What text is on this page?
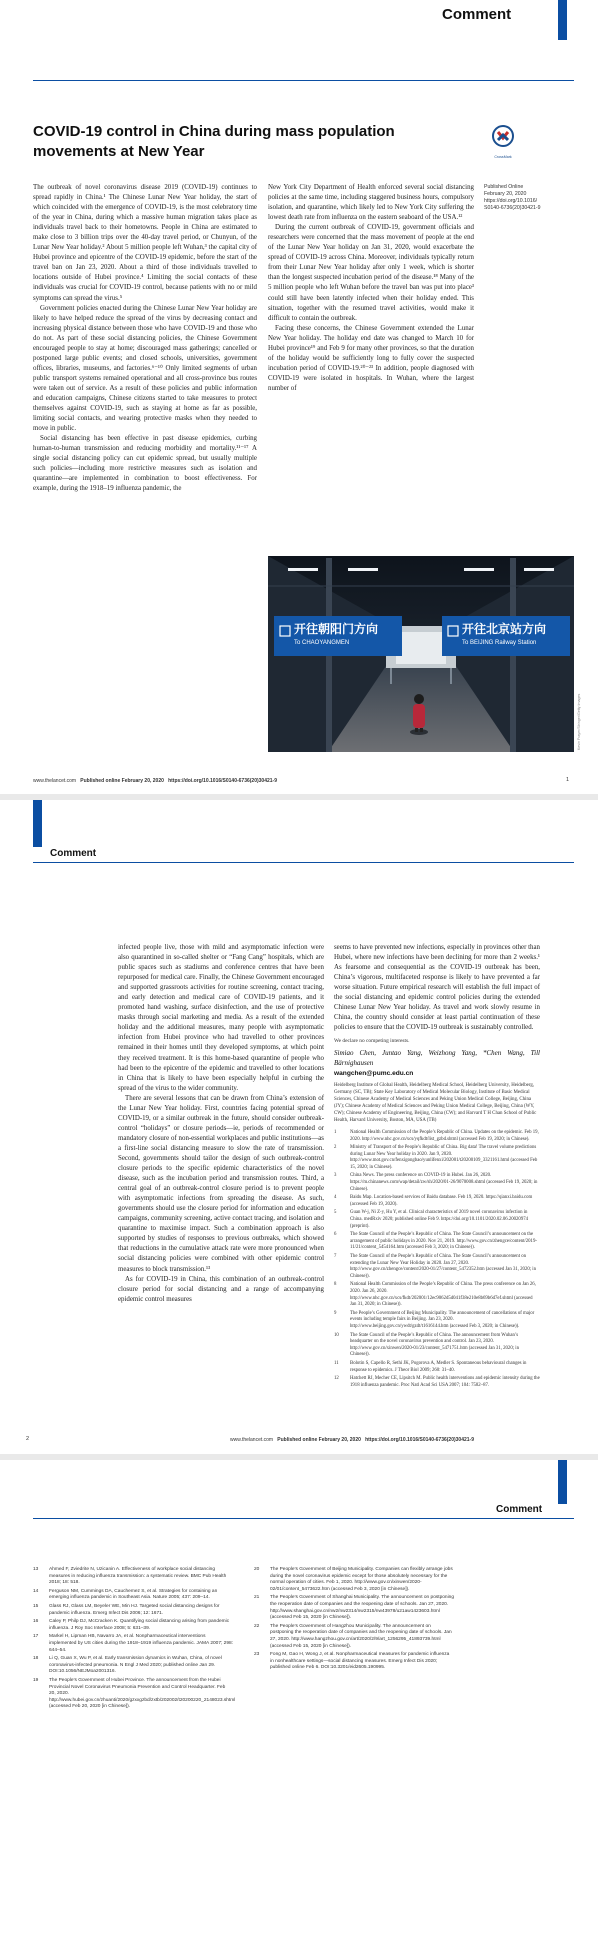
Comment
COVID-19 control in China during mass population movements at New Year	CrossMark

The outbreak of novel coronavirus disease 2019 (COVID-19) continues to spread rapidly in China.¹ The Chinese Lunar New Year holiday, the start of which coincided with the emergence of COVID-19, is the most celebratory time of the year in China, during which a massive human migration takes place as individuals travel back to their hometowns. People in China are estimated to make close to 3 billion trips over the 40-day travel period, or Chunyun, of the Lunar New Year holiday.² About 5 million people left Wuhan,³ the capital city of Hubei province and epicentre of the COVID-19 epidemic, before the start of the travel ban on Jan 23, 2020. About a third of those individuals travelled to locations outside of Hubei province.⁴ Limiting the social contacts of these individuals was crucial for COVID-19 control, because patients with no or mild symptoms can spread the virus.⁵

Government policies enacted during the Chinese Lunar New Year holiday are likely to have helped reduce the spread of the virus by decreasing contact and increasing physical distance between those who have COVID-19 and those who do not. As part of these social distancing policies, the Chinese Government encouraged people to stay at home; discouraged mass gatherings; cancelled or postponed large public events; and closed schools, universities, government offices, libraries, museums, and factories.⁶⁻¹⁰ Only limited segments of urban public transport systems remained operational and all cross-province bus routes were taken out of service. As a result of these policies and public information and education campaigns, Chinese citizens started to take measures to protect themselves against COVID-19, such as staying at home as far as possible, limiting social contacts, and wearing protective masks when they needed to move in public.

Social distancing has been effective in past disease epidemics, curbing human-to-human transmission and reducing morbidity and mortality.¹¹⁻¹⁷ A single social distancing policy can cut epidemic spread, but usually multiple such policies—including more restrictive measures such as isolation and quarantine—are implemented in combination to boost effectiveness. For example, during the 1918–19 influenza pandemic, the

New York City Department of Health enforced several social distancing policies at the same time, including staggered business hours, compulsory isolation, and quarantine, which likely led to New York City suffering the lowest death rate from influenza on the eastern seaboard of the USA.¹²

During the current outbreak of COVID-19, government officials and researchers were concerned that the mass movement of people at the end of the Lunar New Year holiday on Jan 31, 2020, would exacerbate the spread of COVID-19 across China. Moreover, individuals typically return from their Lunar New Year holiday after only 1 week, which is shorter than the longest suspected incubation period of the disease.¹⁸ Many of the 5 million people who left Wuhan before the travel ban was put into place³ could still have been latently infected when their holiday ended. This situation, together with the resumed travel activities, would make it difficult to contain the outbreak.

Facing these concerns, the Chinese Government extended the Lunar New Year holiday. The holiday end date was changed to March 10 for Hubei province¹⁹ and Feb 9 for many other provinces, so that the duration of the holiday would be sufficiently long to fully cover the suspected incubation period of COVID-19.²⁰⁻²³ In addition, people diagnosed with COVID-19 were isolated in hospitals. In Wuhan, where the largest number of

Published Online
February 20, 2020
https://doi.org/10.1016/
S0140-6736(20)30421-9
开往朝阳门方向
To CHAOYANGMEN
开往北京站方向
To BEIJING Railway Station
Kevin Frayer/Stringer/Getty Images
www.thelancet.com Published online February 20, 2020 https://doi.org/10.1016/S0140-6736(20)30421-9	1
Comment

infected people live, those with mild and asymptomatic infection were also quarantined in so-called shelter or “Fang Cang” hospitals, which are public spaces such as stadiums and conference centres that have been repurposed for medical care. Finally, the Chinese Government encouraged and supported grassroots activities for routine screening, contact tracing, and early detection and medical care of COVID-19 patients, and it promoted hand washing, surface disinfection, and the use of protective masks through social marketing and media. As a result of the extended holiday and the additional measures, many people with asymptomatic infection from Hubei province who had travelled to other provinces remained in their homes until they developed symptoms, at which point they received treatment. It is this home-based quarantine of people who had been to the epicentre of the epidemic and travelled to other locations in China that is likely to have been especially helpful in curbing the spread of the virus to the wider community.

There are several lessons that can be drawn from China’s extension of the Lunar New Year holiday. First, countries facing potential spread of COVID-19, or a similar outbreak in the future, should consider outbreak-control “holidays” or closure periods—ie, periods of recommended or mandatory closure of non-essential workplaces and public institutions—as a first-line social distancing measure to slow the rate of transmission. Second, governments should tailor the design of such outbreak-control closure periods to the specific epidemic characteristics of the novel disease, such as the incubation period and transmission routes. Third, a central goal of an outbreak-control closure period is to prevent people with asymptomatic infections from spreading the disease. As such, governments should use the closure period for information and education campaigns, community screening, active contact tracing, and isolation and quarantine to maximise impact. Such a combination approach is also supported by studies of responses to previous outbreaks, which showed that reductions in the cumulative attack rate were more pronounced when social distancing policies were combined with other epidemic control measures to block transmission.¹³

As for COVID-19 in China, this combination of an outbreak-control closure period for social distancing and a range of accompanying epidemic control measures

seems to have prevented new infections, especially in provinces other than Hubei, where new infections have been declining for more than 2 weeks.¹ As fearsome and consequential as the COVID-19 outbreak has been, China’s vigorous, multifaceted response is likely to have prevented a far worse situation. Future empirical research will establish the full impact of the social distancing and epidemic control policies during the extended Chinese Lunar New Year holiday. As travel and work slowly resume in China, the country should consider at least partial continuation of these policies to ensure that the COVID-19 outbreak is sustainably controlled.

We declare no competing interests.
Simiao Chen, Juntao Yang, Weizhong Yang, *Chen Wang, Till Bärnighausen
wangchen@pumc.edu.cn
Heidelberg Institute of Global Health, Heidelberg Medical School, Heidelberg University, Heidelberg, Germany (SC, TB); State Key Laboratory of Medical Molecular Biology, Institute of Basic Medical Sciences, Chinese Academy of Medical Sciences and Peking Union Medical College, Beijing, China (JY); Chinese Academy of Medical Sciences and Peking Union Medical College, Beijing, China (WY, CW); Chinese Academy of Engineering, Beijing, China (CW); and Harvard T H Chan School of Public Health, Harvard University, Boston, MA, USA (TB)
1	National Health Commission of the People’s Republic of China. Updates on the epidemic. Feb 19, 2020. http://www.nhc.gov.cn/xcs/yqfkdt/list_gzbd.shtml (accessed Feb 19, 2020; in Chinese).
2	Ministry of Transport of the People’s Republic of China. Big data! The travel volume predictions during Lunar New Year holiday in 2020. Jan 9, 2020. http://www.mot.gov.cn/fenxigongbao/yunlifenxi/202001/t20200109_3321161.html (accessed Feb 15, 2020; in Chinese).
3	China News. The press conference on COVID-19 in Hubei. Jan 26, 2020. https://m.chinanews.com/wap/detail/zw/sh/2020/01-26/9070008.shtml (accessed Feb 19, 2020; in Chinese).
4	Baidu Map. Location-based services of Baidu database. Feb 19, 2020. https://qianxi.baidu.com (accessed Feb 19, 2020).
5	Guan W-j, Ni Z-y, Hu Y, et al. Clinical characteristics of 2019 novel coronavirus infection in China. medRxiv 2020; published online Feb 9. https://doi.org/10.1101/2020.02.06.20020974 (preprint).
6	The State Council of the People’s Republic of China. The State Council’s announcement on the arrangement of public holidays in 2020. Nov 21, 2019. http://www.gov.cn/zhengce/content/2019-11/21/content_5454164.htm (accessed Feb 3, 2020; in Chinese)).
7	The State Council of the People’s Republic of China. The State Council’s announcement on extending the Lunar New Year Holiday in 2020. Jan 27, 2020. http://www.gov.cn/zhengce/content/2020-01/27/content_5472352.htm (accessed Jan 31, 2020; in Chinese)).
8	National Health Commission of the People’s Republic of China. The press conference on Jan 26, 2020. Jan 26, 2020. http://www.nhc.gov.cn/xcs/fkdt/202001/12ec9062d5d041f38e210e8b69b6d7ef.shtml (accessed Jan 31, 2020; in Chinese)).
9	The People’s Government of Beijing Municipality. The announcement of cancellations of major events including temple fairs in Beijing. Jan 23, 2020. http://www.beijing.gov.cn/ywdt/gzdt/t1616144.htm (accessed Feb 3, 2020; in Chinese)).
10 The State Council of the People’s Republic of China. The announcement from Wuhan’s headquarter on the novel coronavirus prevention and control. Jan 23, 2020. http://www.gov.cn/xinwen/2020-01/23/content_5471751.htm (accessed Jan 31, 2020; in Chinese)).
11 Bolotin S, Capello R, Sethi JK, Pogorova A, Medler S. Spontaneous behavioural changes in response to epidemics. J Theor Biol 2009; 260: 31–40.
12 Hatchett RJ, Mecher CE, Lipsitch M. Public health interventions and epidemic intensity during the 1918 influenza pandemic. Proc Natl Acad Sci USA 2007; 104: 7582–87.
2	www.thelancet.com Published online February 20, 2020 https://doi.org/10.1016/S0140-6736(20)30421-9
Comment
13 Ahmed F, Zviedrite N, Uzicanin A. Effectiveness of workplace social distancing measures in reducing influenza transmission: a systematic review. BMC Pub Health 2018; 18: 518.
14 Ferguson NM, Cummings DA, Cauchemez S, et al. Strategies for containing an emerging influenza pandemic in Southeast Asia. Nature 2005; 437: 209–14.
15 Glass RJ, Glass LM, Beyeler WE, Min HJ. Targeted social distancing designs for pandemic influenza. Emerg Infect Dis 2006; 12: 1671.
16 Caley P, Philp DJ, McCracken K. Quantifying social distancing arising from pandemic influenza. J Roy Soc Interface 2008; 5: 631–39.
17 Markel H, Lipman HB, Navarro JA, et al. Nonpharmaceutical interventions implemented by US cities during the 1918–1919 influenza pandemic. JAMA 2007; 298: 644–54.
18 Li Q, Guan X, Wu P, et al. Early transmission dynamics in Wuhan, China, of novel coronavirus-infected pneumonia. N Engl J Med 2020; published online Jan 29. DOI:10.1056/NEJMoa2001316.
19 The People’s Government of Hubei Province. The announcement from the Hubei Provincial Novel Coronavirus Pneumonia Prevention and Control Headquarter. Feb 20, 2020. http://www.hubei.gov.cn/zhuanti/2020/gzxxgzbd/zxtb/202002/t20200220_2148023.shtml (accessed Feb 20, 2020 [in Chinese]).
20 The People’s Government of Beijing Municipality. Companies can flexibly arrange jobs during the novel coronavirus epidemic except for those absolutely necessary for the normal operation of cities. Feb 1, 2020. http://www.gov.cn/xinwen/2020-02/01/content_5473622.htm (accessed Feb 3, 2020 [in Chinese]).
21 The People’s Government of Shanghai Municipality. The announcement on postponing the reoperation date of companies and the reopening date of schools. Jan 27, 2020. http://www.shanghai.gov.cn/nw2/nw2314/nw2315/nw43978/u21aw1423603.html (accessed Feb 15, 2020 [in Chinese]).
22 The People’s Government of Hangzhou Municipality. The announcement on postponing the reoperation date of companies and the reopening date of schools. Jan 27, 2020. http://www.hangzhou.gov.cn/art/2020/2/9/art_1256295_41893739.html (accessed Feb 15, 2020 [in Chinese]).
23 Fong M, Gao H, Wong J, et al. Nonpharmaceutical measures for pandemic influenza in nonhealthcare settings—social distancing measures. Emerg Infect Dis 2020; published online Feb 6. DOI:10.3201/eid2605.190995.
